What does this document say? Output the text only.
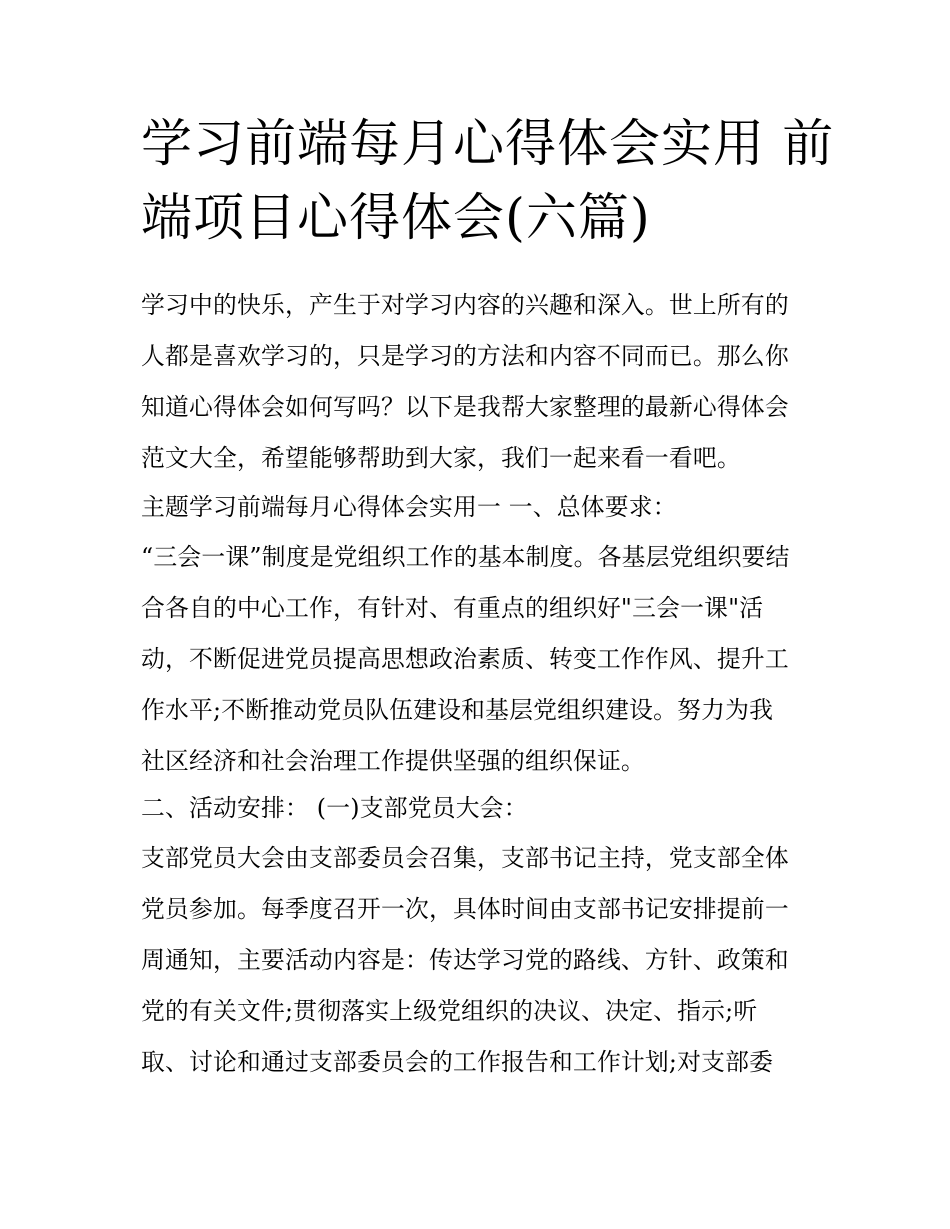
学习前端每月心得体会实用 前
端项目心得体会(六篇)

学习中的快乐，产生于对学习内容的兴趣和深入。世上所有的
人都是喜欢学习的，只是学习的方法和内容不同而已。那么你
知道心得体会如何写吗？以下是我帮大家整理的最新心得体会
范文大全，希望能够帮助到大家，我们一起来看一看吧。

主题学习前端每月心得体会实用一 一、总体要求：

“三会一课”制度是党组织工作的基本制度。各基层党组织要结
合各自的中心工作，有针对、有重点的组织好"三会一课"活
动，不断促进党员提高思想政治素质、转变工作作风、提升工
作水平;不断推动党员队伍建设和基层党组织建设。努力为我
社区经济和社会治理工作提供坚强的组织保证。

二、活动安排： (一)支部党员大会：

支部党员大会由支部委员会召集，支部书记主持，党支部全体
党员参加。每季度召开一次，具体时间由支部书记安排提前一
周通知，主要活动内容是：传达学习党的路线、方针、政策和
党的有关文件;贯彻落实上级党组织的决议、决定、指示;听
取、讨论和通过支部委员会的工作报告和工作计划;对支部委
